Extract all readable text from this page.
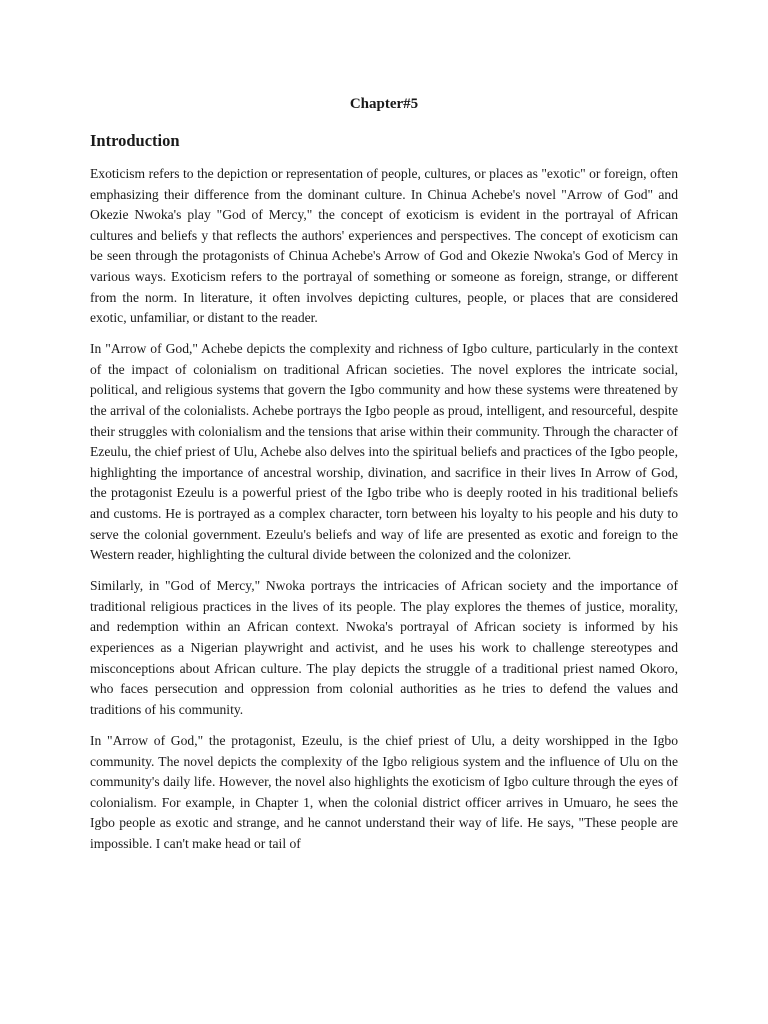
Chapter#5
Introduction

Exoticism refers to the depiction or representation of people, cultures, or places as "exotic" or foreign, often emphasizing their difference from the dominant culture. In Chinua Achebe's novel "Arrow of God" and Okezie Nwoka's play "God of Mercy," the concept of exoticism is evident in the portrayal of African cultures and beliefs y that reflects the authors' experiences and perspectives. The concept of exoticism can be seen through the protagonists of Chinua Achebe's Arrow of God and Okezie Nwoka's God of Mercy in various ways. Exoticism refers to the portrayal of something or someone as foreign, strange, or different from the norm. In literature, it often involves depicting cultures, people, or places that are considered exotic, unfamiliar, or distant to the reader.

In "Arrow of God," Achebe depicts the complexity and richness of Igbo culture, particularly in the context of the impact of colonialism on traditional African societies. The novel explores the intricate social, political, and religious systems that govern the Igbo community and how these systems were threatened by the arrival of the colonialists. Achebe portrays the Igbo people as proud, intelligent, and resourceful, despite their struggles with colonialism and the tensions that arise within their community. Through the character of Ezeulu, the chief priest of Ulu, Achebe also delves into the spiritual beliefs and practices of the Igbo people, highlighting the importance of ancestral worship, divination, and sacrifice in their lives In Arrow of God, the protagonist Ezeulu is a powerful priest of the Igbo tribe who is deeply rooted in his traditional beliefs and customs. He is portrayed as a complex character, torn between his loyalty to his people and his duty to serve the colonial government. Ezeulu's beliefs and way of life are presented as exotic and foreign to the Western reader, highlighting the cultural divide between the colonized and the colonizer.

Similarly, in "God of Mercy," Nwoka portrays the intricacies of African society and the importance of traditional religious practices in the lives of its people. The play explores the themes of justice, morality, and redemption within an African context. Nwoka's portrayal of African society is informed by his experiences as a Nigerian playwright and activist, and he uses his work to challenge stereotypes and misconceptions about African culture. The play depicts the struggle of a traditional priest named Okoro, who faces persecution and oppression from colonial authorities as he tries to defend the values and traditions of his community.

In "Arrow of God," the protagonist, Ezeulu, is the chief priest of Ulu, a deity worshipped in the Igbo community. The novel depicts the complexity of the Igbo religious system and the influence of Ulu on the community's daily life. However, the novel also highlights the exoticism of Igbo culture through the eyes of colonialism. For example, in Chapter 1, when the colonial district officer arrives in Umuaro, he sees the Igbo people as exotic and strange, and he cannot understand their way of life. He says, "These people are impossible. I can't make head or tail of
